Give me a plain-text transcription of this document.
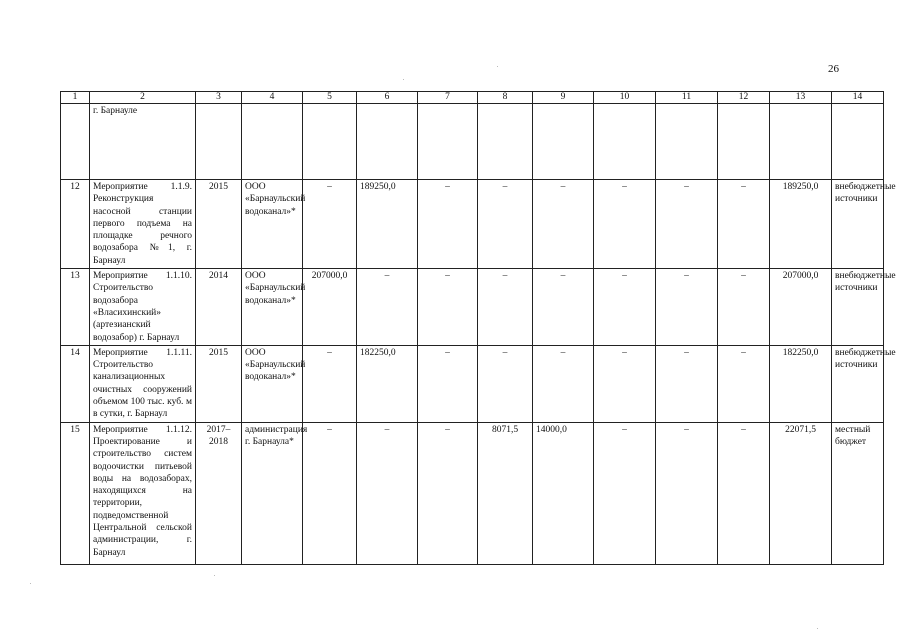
26
1	2	3	4	5	6	7	8	9	10	11	12	13	14
	г. Барнауле												
12	Мероприятие 1.1.9. Реконструкция насосной станции первого подъема на площадке речного водозабора №1, г. Барнаул	2015	ООО «Барнаульский водоканал»*	–	189250,0	–	–	–	–	–	–	189250,0	внебюджетные источники
13	Мероприятие 1.1.10. Строительство водозабора «Власихинский» (артезианский водозабор) г. Барнаул	2014	ООО «Барнаульский водоканал»*	207000,0	–	–	–	–	–	–	–	207000,0	внебюджетные источники
14	Мероприятие 1.1.11. Строительство канализационных очистных сооружений объемом 100 тыс. куб. м в сутки, г. Барнаул	2015	ООО «Барнаульский водоканал»*	–	182250,0	–	–	–	–	–	–	182250,0	внебюджетные источники
15	Мероприятие 1.1.12. Проектирование и строительство систем водоочистки питьевой воды на водозаборах, находящихся на территории, подведомственной Центральной сельской администрации, г. Барнаул	2017–2018	администрация г. Барнаула*	–	–	–	8071,5	14000,0	–	–	–	22071,5	местный бюджет
